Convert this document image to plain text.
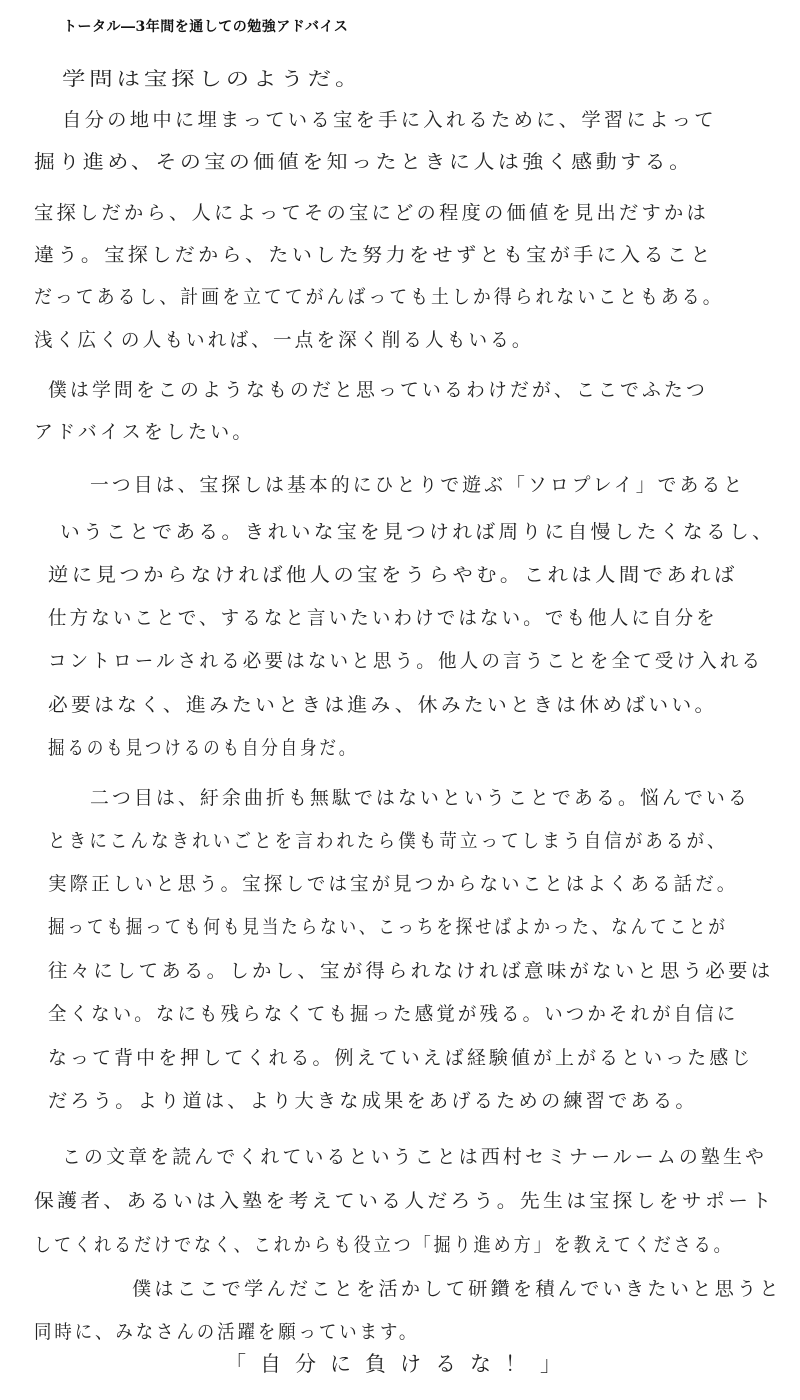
トータル―3年間を通しての勉強アドバイス
学問は宝探しのようだ。
自分の地中に埋まっている宝を手に入れるために、学習によって
掘り進め、その宝の価値を知ったときに人は強く感動する。
宝探しだから、人によってその宝にどの程度の価値を見出だすかは
違う。宝探しだから、たいした努力をせずとも宝が手に入ること
だってあるし、計画を立ててがんばっても土しか得られないこともある。
浅く広くの人もいれば、一点を深く削る人もいる。
僕は学問をこのようなものだと思っているわけだが、ここでふたつ
アドバイスをしたい。
一つ目は、宝探しは基本的にひとりで遊ぶ「ソロプレイ」であると
いうことである。きれいな宝を見つければ周りに自慢したくなるし、
逆に見つからなければ他人の宝をうらやむ。これは人間であれば
仕方ないことで、するなと言いたいわけではない。でも他人に自分を
コントロールされる必要はないと思う。他人の言うことを全て受け入れる
必要はなく、進みたいときは進み、休みたいときは休めばいい。
掘るのも見つけるのも自分自身だ。
二つ目は、紆余曲折も無駄ではないということである。悩んでいる
ときにこんなきれいごとを言われたら僕も苛立ってしまう自信があるが、
実際正しいと思う。宝探しでは宝が見つからないことはよくある話だ。
掘っても掘っても何も見当たらない、こっちを探せばよかった、なんてことが
往々にしてある。しかし、宝が得られなければ意味がないと思う必要は
全くない。なにも残らなくても掘った感覚が残る。いつかそれが自信に
なって背中を押してくれる。例えていえば経験値が上がるといった感じ
だろう。より道は、より大きな成果をあげるための練習である。
この文章を読んでくれているということは西村セミナールームの塾生や
保護者、あるいは入塾を考えている人だろう。先生は宝探しをサポート
してくれるだけでなく、これからも役立つ「掘り進め方」を教えてくださる。
僕はここで学んだことを活かして研鑽を積んでいきたいと思うと
同時に、みなさんの活躍を願っています。
「自分に負けるな！」
